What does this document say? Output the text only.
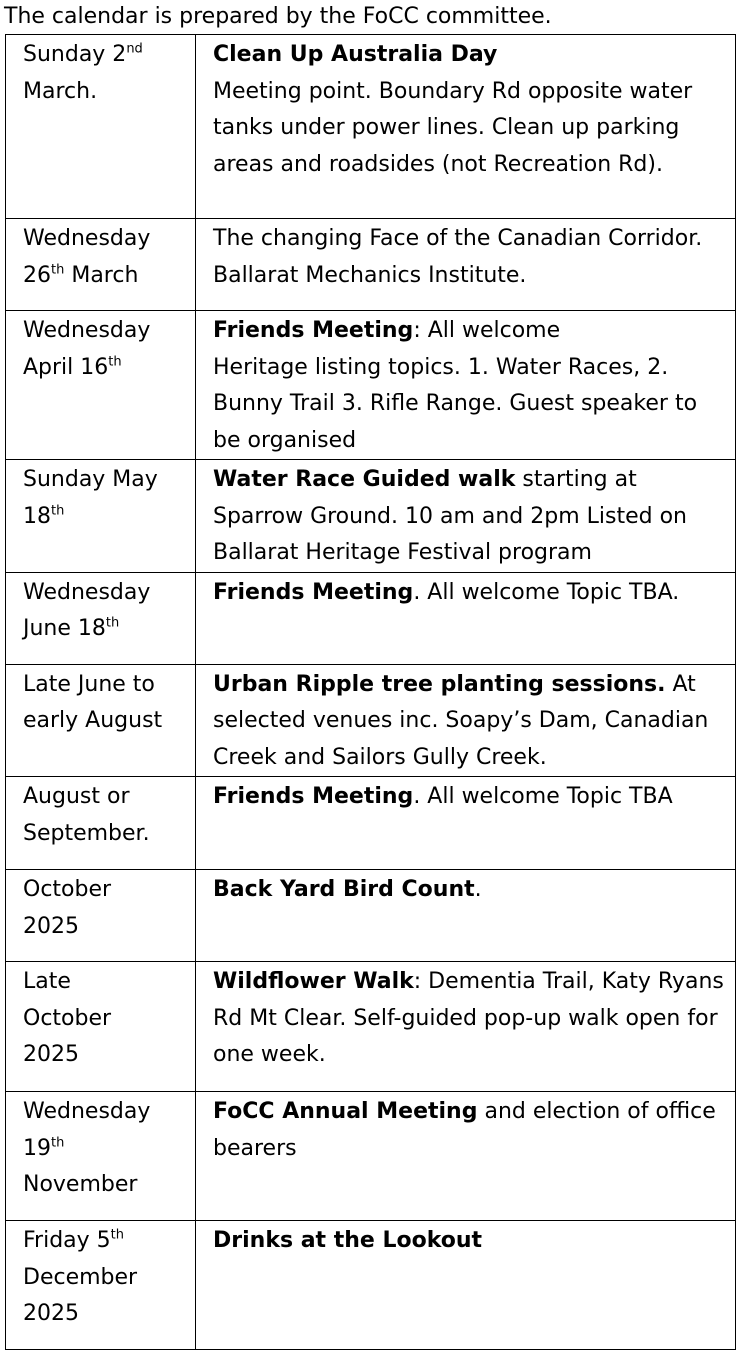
The calendar is prepared by the FoCC committee.
Sunday 2nd
March.	Clean Up Australia Day
Meeting point. Boundary Rd opposite water tanks under power lines. Clean up parking areas and roadsides (not Recreation Rd).
Wednesday
26th March	The changing Face of the Canadian Corridor. Ballarat Mechanics Institute.
Wednesday
April 16th	Friends Meeting: All welcome
Heritage listing topics. 1. Water Races, 2. Bunny Trail 3. Rifle Range. Guest speaker to be organised
Sunday May
18th	Water Race Guided walk starting at Sparrow Ground. 10 am and 2pm Listed on Ballarat Heritage Festival program
Wednesday
June 18th	Friends Meeting. All welcome Topic TBA.
Late June to
early August	Urban Ripple tree planting sessions. At selected venues inc. Soapy’s Dam, Canadian Creek and Sailors Gully Creek.
August or
September.	Friends Meeting. All welcome Topic TBA
October
2025	Back Yard Bird Count.
Late
October
2025	Wildflower Walk: Dementia Trail, Katy Ryans Rd Mt Clear. Self-guided pop-up walk open for one week.
Wednesday
19th
November	FoCC Annual Meeting and election of office bearers
Friday 5th
December
2025	Drinks at the Lookout
